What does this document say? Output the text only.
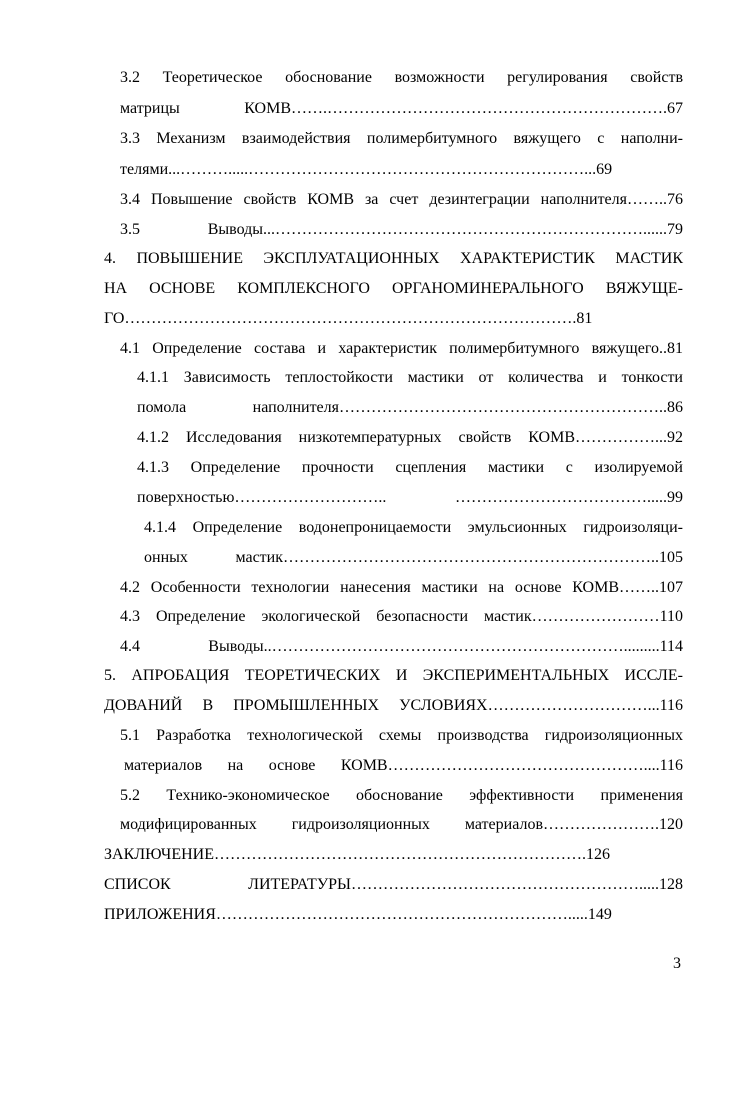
3.2 Теоретическое обоснование возможности регулирования свойств
матрицы КОМВ…….……………………………………………………….67
3.3 Механизм взаимодействия полимербитумного вяжущего с наполни-
телями...……….....………………………………………………………...69
3.4 Повышение свойств КОМВ за счет дезинтеграции наполнителя……..76
3.5 Выводы...……………………………………………………………......79
4. ПОВЫШЕНИЕ ЭКСПЛУАТАЦИОННЫХ ХАРАКТЕРИСТИК МАСТИК
НА ОСНОВЕ КОМПЛЕКСНОГО ОРГАНОМИНЕРАЛЬНОГО ВЯЖУЩЕ-
ГО………………………………………………………………………….81
4.1 Определение состава и характеристик полимербитумного вяжущего..81
4.1.1 Зависимость теплостойкости мастики от количества и тонкости
помола наполнителя……………………………………………………..86
4.1.2 Исследования низкотемпературных свойств КОМВ……………...92
4.1.3 Определение прочности сцепления мастики с изолируемой
поверхностью……………………….. ……………………………….....99
4.1.4 Определение водонепроницаемости эмульсионных гидроизоляци-
онных мастик……………………………………………………………..105
4.2 Особенности технологии нанесения мастики на основе КОМВ……..107
4.3 Определение экологической безопасности мастик……………………110
4.4 Выводы..………………………………………………………….........114
5. АПРОБАЦИЯ ТЕОРЕТИЧЕСКИХ И ЭКСПЕРИМЕНТАЛЬНЫХ ИССЛЕ-
ДОВАНИЙ В ПРОМЫШЛЕННЫХ УСЛОВИЯХ…………………………...116
5.1 Разработка технологической схемы производства гидроизоляционных
материалов на основе КОМВ…………………………………………....116
5.2 Технико-экономическое обоснование эффективности применения
модифицированных гидроизоляционных материалов………………….120
ЗАКЛЮЧЕНИЕ…………………………………………………………….126
СПИСОК ЛИТЕРАТУРЫ……………………………………………….....128
ПРИЛОЖЕНИЯ………………………………………………………….....149
3
